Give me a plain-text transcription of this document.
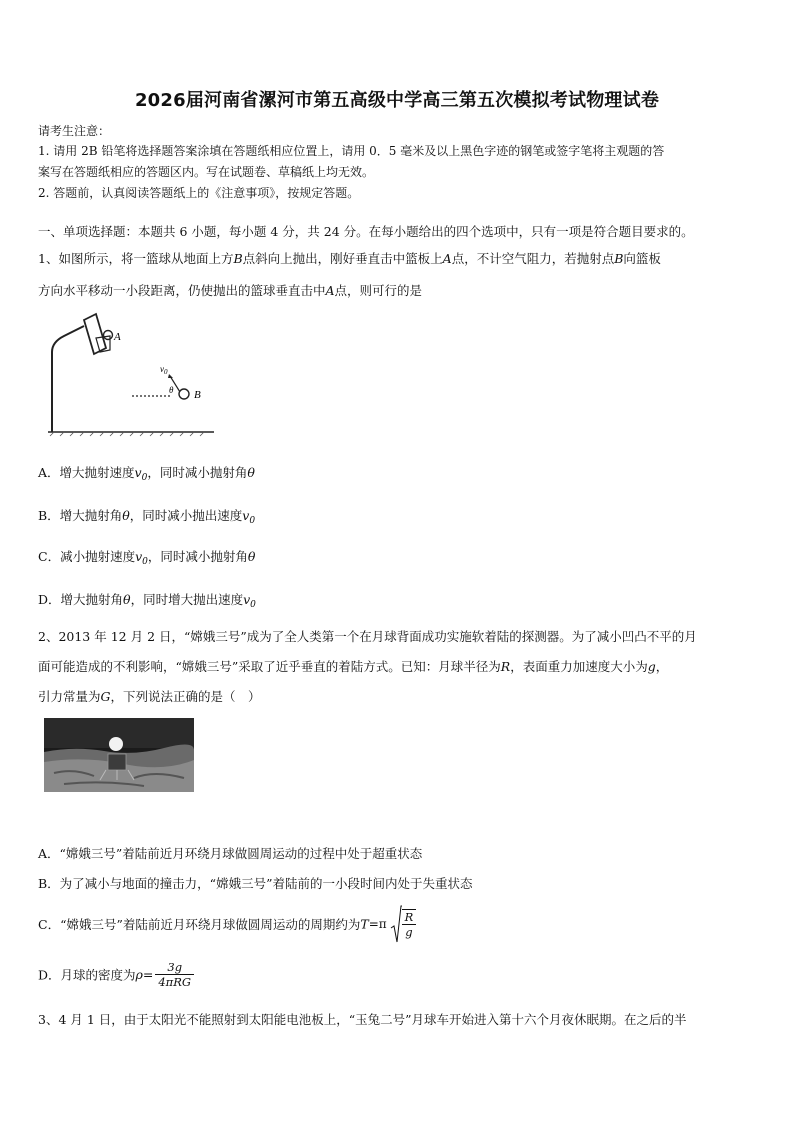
2026届河南省漯河市第五高级中学高三第五次模拟考试物理试卷
请考生注意：
1. 请用 2B 铅笔将选择题答案涂填在答题纸相应位置上，请用 0．5 毫米及以上黑色字迹的钢笔或签字笔将主观题的答
案写在答题纸相应的答题区内。写在试题卷、草稿纸上均无效。
2. 答题前，认真阅读答题纸上的《注意事项》，按规定答题。
一、单项选择题：本题共 6 小题，每小题 4 分，共 24 分。在每小题给出的四个选项中，只有一项是符合题目要求的。
1、如图所示，将一篮球从地面上方B点斜向上抛出，刚好垂直击中篮板上A点，不计空气阻力，若抛射点B向篮板
方向水平移动一小段距离，仍使抛出的篮球垂直击中A点，则可行的是
A
$v_0$
θ B
A．增大抛射速度$v_0$，同时减小抛射角θ
B．增大抛射角θ，同时减小抛出速度$v_0$
C．减小抛射速度$v_0$，同时减小抛射角θ
D．增大抛射角θ，同时增大抛出速度$v_0$
2、2013 年 12 月 2 日，“嫦娥三号”成为了全人类第一个在月球背面成功实施软着陆的探测器。为了减小凹凸不平的月
面可能造成的不利影响，“嫦娥三号”采取了近乎垂直的着陆方式。已知：月球半径为R，表面重力加速度大小为g，
引力常量为G，下列说法正确的是（　）
A．“嫦娥三号”着陆前近月环绕月球做圆周运动的过程中处于超重状态
B．为了减小与地面的撞击力，“嫦娥三号”着陆前的一小段时间内处于失重状态
C．“嫦娥三号”着陆前近月环绕月球做圆周运动的周期约为$T=\pi \frac{R}{g}$
D．月球的密度为$\rho= \frac{3g}{\text{4πRG}}$
3、4 月 1 日，由于太阳光不能照射到太阳能电池板上，“玉兔二号”月球车开始进入第十六个月夜休眠期。在之后的半
